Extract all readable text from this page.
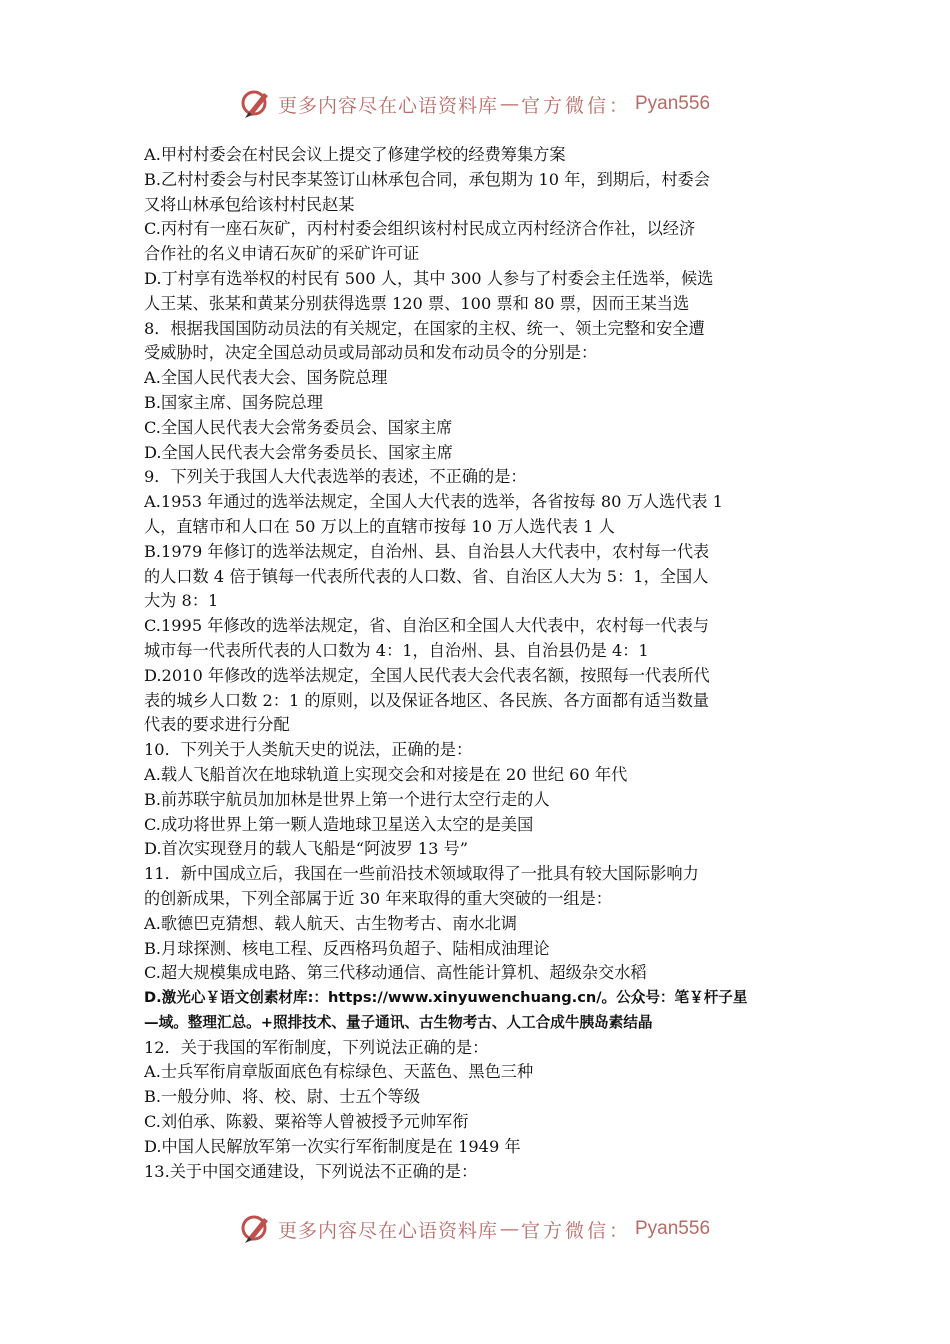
更多内容尽在心语资料库 — 官方微信： Pyan556
A.甲村村委会在村民会议上提交了修建学校的经费筹集方案
B.乙村村委会与村民李某签订山林承包合同，承包期为 10 年，到期后，村委会
又将山林承包给该村村民赵某
C.丙村有一座石灰矿，丙村村委会组织该村村民成立丙村经济合作社，以经济
合作社的名义申请石灰矿的采矿许可证
D.丁村享有选举权的村民有 500 人，其中 300 人参与了村委会主任选举，候选
人王某、张某和黄某分别获得选票 120 票、100 票和 80 票，因而王某当选
8．根据我国国防动员法的有关规定，在国家的主权、统一、领土完整和安全遭
受威胁时，决定全国总动员或局部动员和发布动员令的分别是：
A.全国人民代表大会、国务院总理
B.国家主席、国务院总理
C.全国人民代表大会常务委员会、国家主席
D.全国人民代表大会常务委员长、国家主席
9．下列关于我国人大代表选举的表述，不正确的是：
A.1953 年通过的选举法规定，全国人大代表的选举，各省按每 80 万人选代表 1
人，直辖市和人口在 50 万以上的直辖市按每 10 万人选代表 1 人
B.1979 年修订的选举法规定，自治州、县、自治县人大代表中，农村每一代表
的人口数 4 倍于镇每一代表所代表的人口数、省、自治区人大为 5：1，全国人
大为 8：1
C.1995 年修改的选举法规定，省、自治区和全国人大代表中，农村每一代表与
城市每一代表所代表的人口数为 4：1，自治州、县、自治县仍是 4：1
D.2010 年修改的选举法规定，全国人民代表大会代表名额，按照每一代表所代
表的城乡人口数 2：1 的原则，以及保证各地区、各民族、各方面都有适当数量
代表的要求进行分配
10．下列关于人类航天史的说法，正确的是：
A.载人飞船首次在地球轨道上实现交会和对接是在 20 世纪 60 年代
B.前苏联宇航员加加林是世界上第一个进行太空行走的人
C.成功将世界上第一颗人造地球卫星送入太空的是美国
D.首次实现登月的载人飞船是“阿波罗 13 号”
11．新中国成立后，我国在一些前沿技术领域取得了一批具有较大国际影响力
的创新成果，下列全部属于近 30 年来取得的重大突破的一组是：
A.歌德巴克猜想、载人航天、古生物考古、南水北调
B.月球探测、核电工程、反西格玛负超子、陆相成油理论
C.超大规模集成电路、第三代移动通信、高性能计算机、超级杂交水稻
D.激光心￥语文创素材库:：https://www.xinyuwenchuang.cn/。公众号：笔￥杆子星
—域。整理汇总。+照排技术、量子通讯、古生物考古、人工合成牛胰岛素结晶
12．关于我国的军衔制度，下列说法正确的是：
A.士兵军衔肩章版面底色有棕绿色、天蓝色、黑色三种
B.一般分帅、将、校、尉、士五个等级
C.刘伯承、陈毅、粟裕等人曾被授予元帅军衔
D.中国人民解放军第一次实行军衔制度是在 1949 年
13.关于中国交通建设，下列说法不正确的是：
更多内容尽在心语资料库 — 官方微信： Pyan556
